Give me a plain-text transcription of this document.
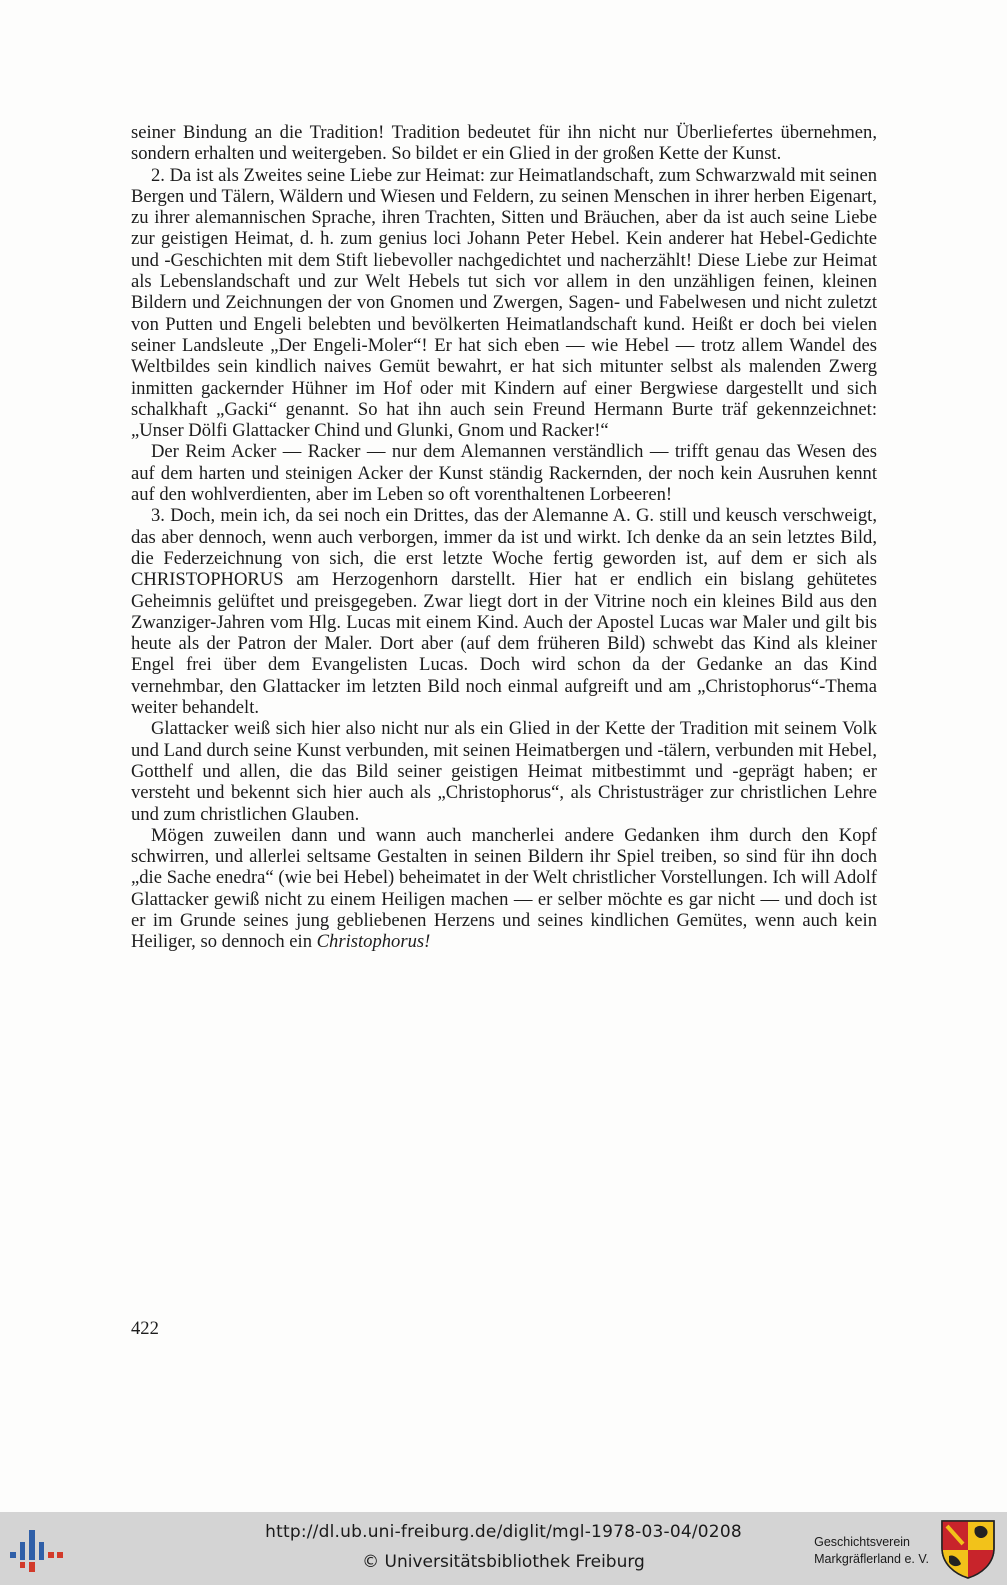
seiner Bindung an die Tradition! Tradition bedeutet für ihn nicht nur Überliefertes übernehmen, sondern erhalten und weitergeben. So bildet er ein Glied in der großen Kette der Kunst.

2. Da ist als Zweites seine Liebe zur Heimat: zur Heimatlandschaft, zum Schwarzwald mit seinen Bergen und Tälern, Wäldern und Wiesen und Feldern, zu seinen Menschen in ihrer herben Eigenart, zu ihrer alemannischen Sprache, ihren Trachten, Sitten und Bräuchen, aber da ist auch seine Liebe zur geistigen Heimat, d. h. zum genius loci Johann Peter Hebel. Kein anderer hat Hebel-Gedichte und -Geschichten mit dem Stift liebevoller nachgedichtet und nacherzählt! Diese Liebe zur Heimat als Lebenslandschaft und zur Welt Hebels tut sich vor allem in den unzähligen feinen, kleinen Bildern und Zeichnungen der von Gnomen und Zwergen, Sagen- und Fabelwesen und nicht zuletzt von Putten und Engeli belebten und bevölkerten Heimatlandschaft kund. Heißt er doch bei vielen seiner Landsleute „Der Engeli-Moler“! Er hat sich eben — wie Hebel — trotz allem Wandel des Weltbildes sein kindlich naives Gemüt bewahrt, er hat sich mitunter selbst als malenden Zwerg inmitten gackernder Hühner im Hof oder mit Kindern auf einer Bergwiese dargestellt und sich schalkhaft „Gacki“ genannt. So hat ihn auch sein Freund Hermann Burte träf gekennzeichnet: „Unser Dölfi Glattacker Chind und Glunki, Gnom und Racker!“

Der Reim Acker — Racker — nur dem Alemannen verständlich — trifft genau das Wesen des auf dem harten und steinigen Acker der Kunst ständig Rackernden, der noch kein Ausruhen kennt auf den wohlverdienten, aber im Leben so oft vorenthaltenen Lorbeeren!

3. Doch, mein ich, da sei noch ein Drittes, das der Alemanne A. G. still und keusch verschweigt, das aber dennoch, wenn auch verborgen, immer da ist und wirkt. Ich denke da an sein letztes Bild, die Federzeichnung von sich, die erst letzte Woche fertig geworden ist, auf dem er sich als CHRISTOPHORUS am Herzogenhorn darstellt. Hier hat er endlich ein bislang gehütetes Geheimnis gelüftet und preisgegeben. Zwar liegt dort in der Vitrine noch ein kleines Bild aus den Zwanziger-Jahren vom Hlg. Lucas mit einem Kind. Auch der Apostel Lucas war Maler und gilt bis heute als der Patron der Maler. Dort aber (auf dem früheren Bild) schwebt das Kind als kleiner Engel frei über dem Evangelisten Lucas. Doch wird schon da der Gedanke an das Kind vernehmbar, den Glattacker im letzten Bild noch einmal aufgreift und am „Christophorus“-Thema weiter behandelt.

Glattacker weiß sich hier also nicht nur als ein Glied in der Kette der Tradition mit seinem Volk und Land durch seine Kunst verbunden, mit seinen Heimatbergen und -tälern, verbunden mit Hebel, Gotthelf und allen, die das Bild seiner geistigen Heimat mitbestimmt und -geprägt haben; er versteht und bekennt sich hier auch als „Christophorus“, als Christusträger zur christlichen Lehre und zum christlichen Glauben.

Mögen zuweilen dann und wann auch mancherlei andere Gedanken ihm durch den Kopf schwirren, und allerlei seltsame Gestalten in seinen Bildern ihr Spiel treiben, so sind für ihn doch „die Sache enedra“ (wie bei Hebel) beheimatet in der Welt christlicher Vorstellungen. Ich will Adolf Glattacker gewiß nicht zu einem Heiligen machen — er selber möchte es gar nicht — und doch ist er im Grunde seines jung gebliebenen Herzens und seines kindlichen Gemütes, wenn auch kein Heiliger, so dennoch ein Christophorus!

422
http://dl.ub.uni-freiburg.de/diglit/mgl-1978-03-04/0208
© Universitätsbibliothek Freiburg
Geschichtsverein
Markgräflerland e. V.
